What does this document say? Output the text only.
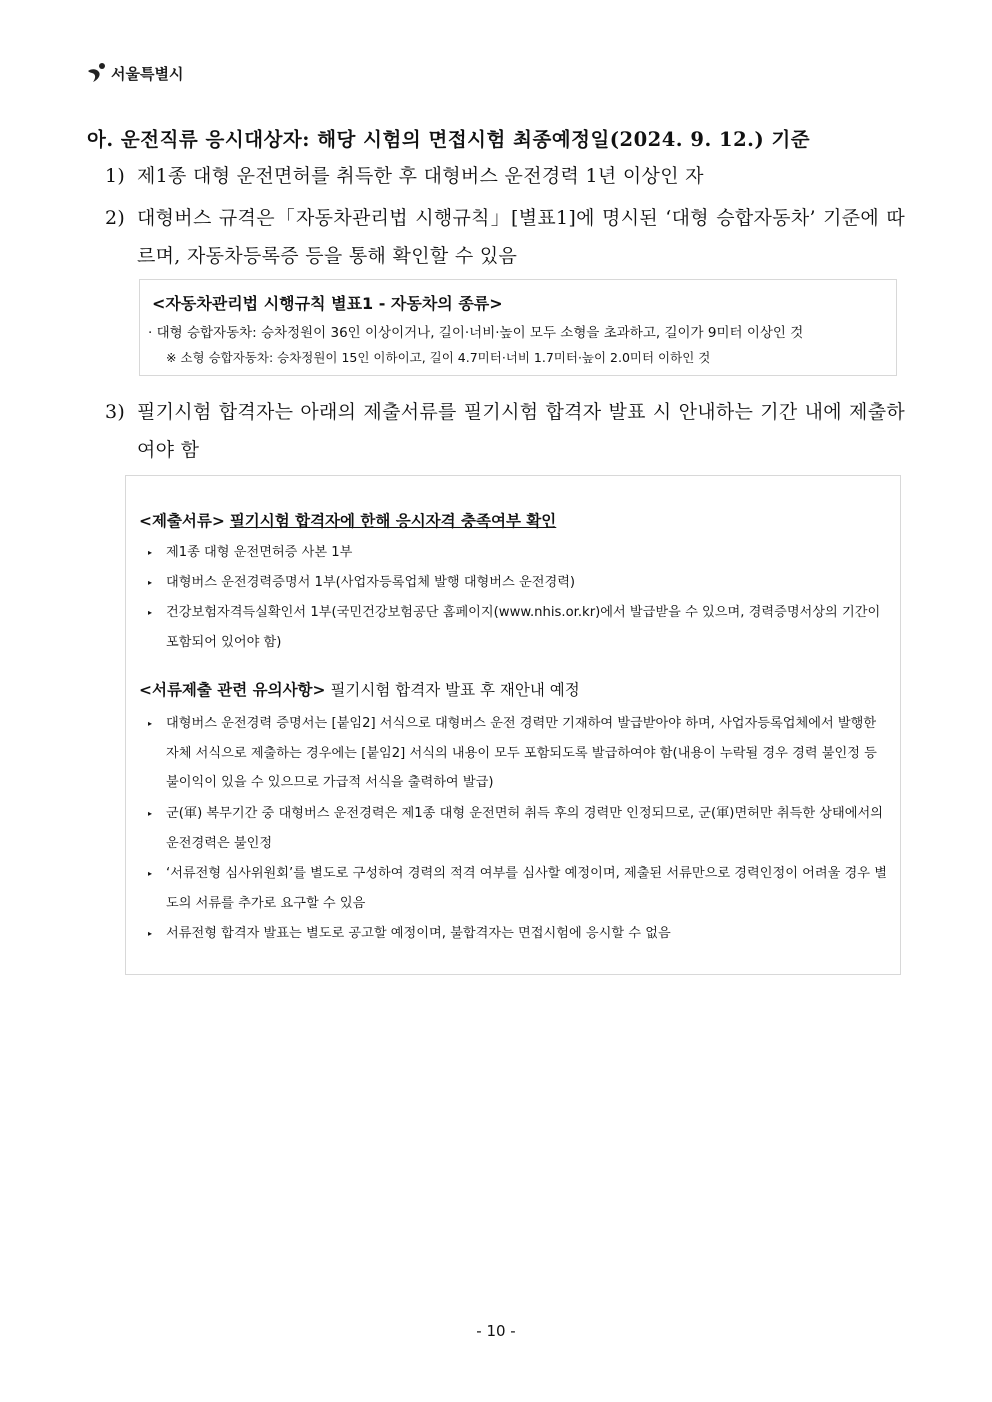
서울특별시
아. 운전직류 응시대상자: 해당 시험의 면접시험 최종예정일(2024. 9. 12.) 기준
1) 제1종 대형 운전면허를 취득한 후 대형버스 운전경력 1년 이상인 자
2) 대형버스 규격은「자동차관리법 시행규칙」[별표1]에 명시된 ‘대형 승합자동차’ 기준에 따르며, 자동차등록증 등을 통해 확인할 수 있음
<자동차관리법 시행규칙 별표1 - 자동차의 종류>
· 대형 승합자동차: 승차정원이 36인 이상이거나, 길이·너비·높이 모두 소형을 초과하고, 길이가 9미터 이상인 것
※ 소형 승합자동차: 승차정원이 15인 이하이고, 길이 4.7미터·너비 1.7미터·높이 2.0미터 이하인 것
3) 필기시험 합격자는 아래의 제출서류를 필기시험 합격자 발표 시 안내하는 기간 내에 제출하여야 함
<제출서류> 필기시험 합격자에 한해 응시자격 충족여부 확인
▸	제1종 대형 운전면허증 사본 1부
▸	대형버스 운전경력증명서 1부(사업자등록업체 발행 대형버스 운전경력)
▸	건강보험자격득실확인서 1부(국민건강보험공단 홈페이지(www.nhis.or.kr)에서 발급받을 수 있으며, 경력증명서상의 기간이 포함되어 있어야 함)
<서류제출 관련 유의사항> 필기시험 합격자 발표 후 재안내 예정
▸	대형버스 운전경력 증명서는 [붙임2] 서식으로 대형버스 운전 경력만 기재하여 발급받아야 하며, 사업자등록업체에서 발행한 자체 서식으로 제출하는 경우에는 [붙임2] 서식의 내용이 모두 포함되도록 발급하여야 함(내용이 누락될 경우 경력 불인정 등 불이익이 있을 수 있으므로 가급적 서식을 출력하여 발급)
▸	군(軍) 복무기간 중 대형버스 운전경력은 제1종 대형 운전면허 취득 후의 경력만 인정되므로, 군(軍)면허만 취득한 상태에서의 운전경력은 불인정
▸	‘서류전형 심사위원회’를 별도로 구성하여 경력의 적격 여부를 심사할 예정이며, 제출된 서류만으로 경력인정이 어려울 경우 별도의 서류를 추가로 요구할 수 있음
▸	서류전형 합격자 발표는 별도로 공고할 예정이며, 불합격자는 면접시험에 응시할 수 없음
- 10 -
